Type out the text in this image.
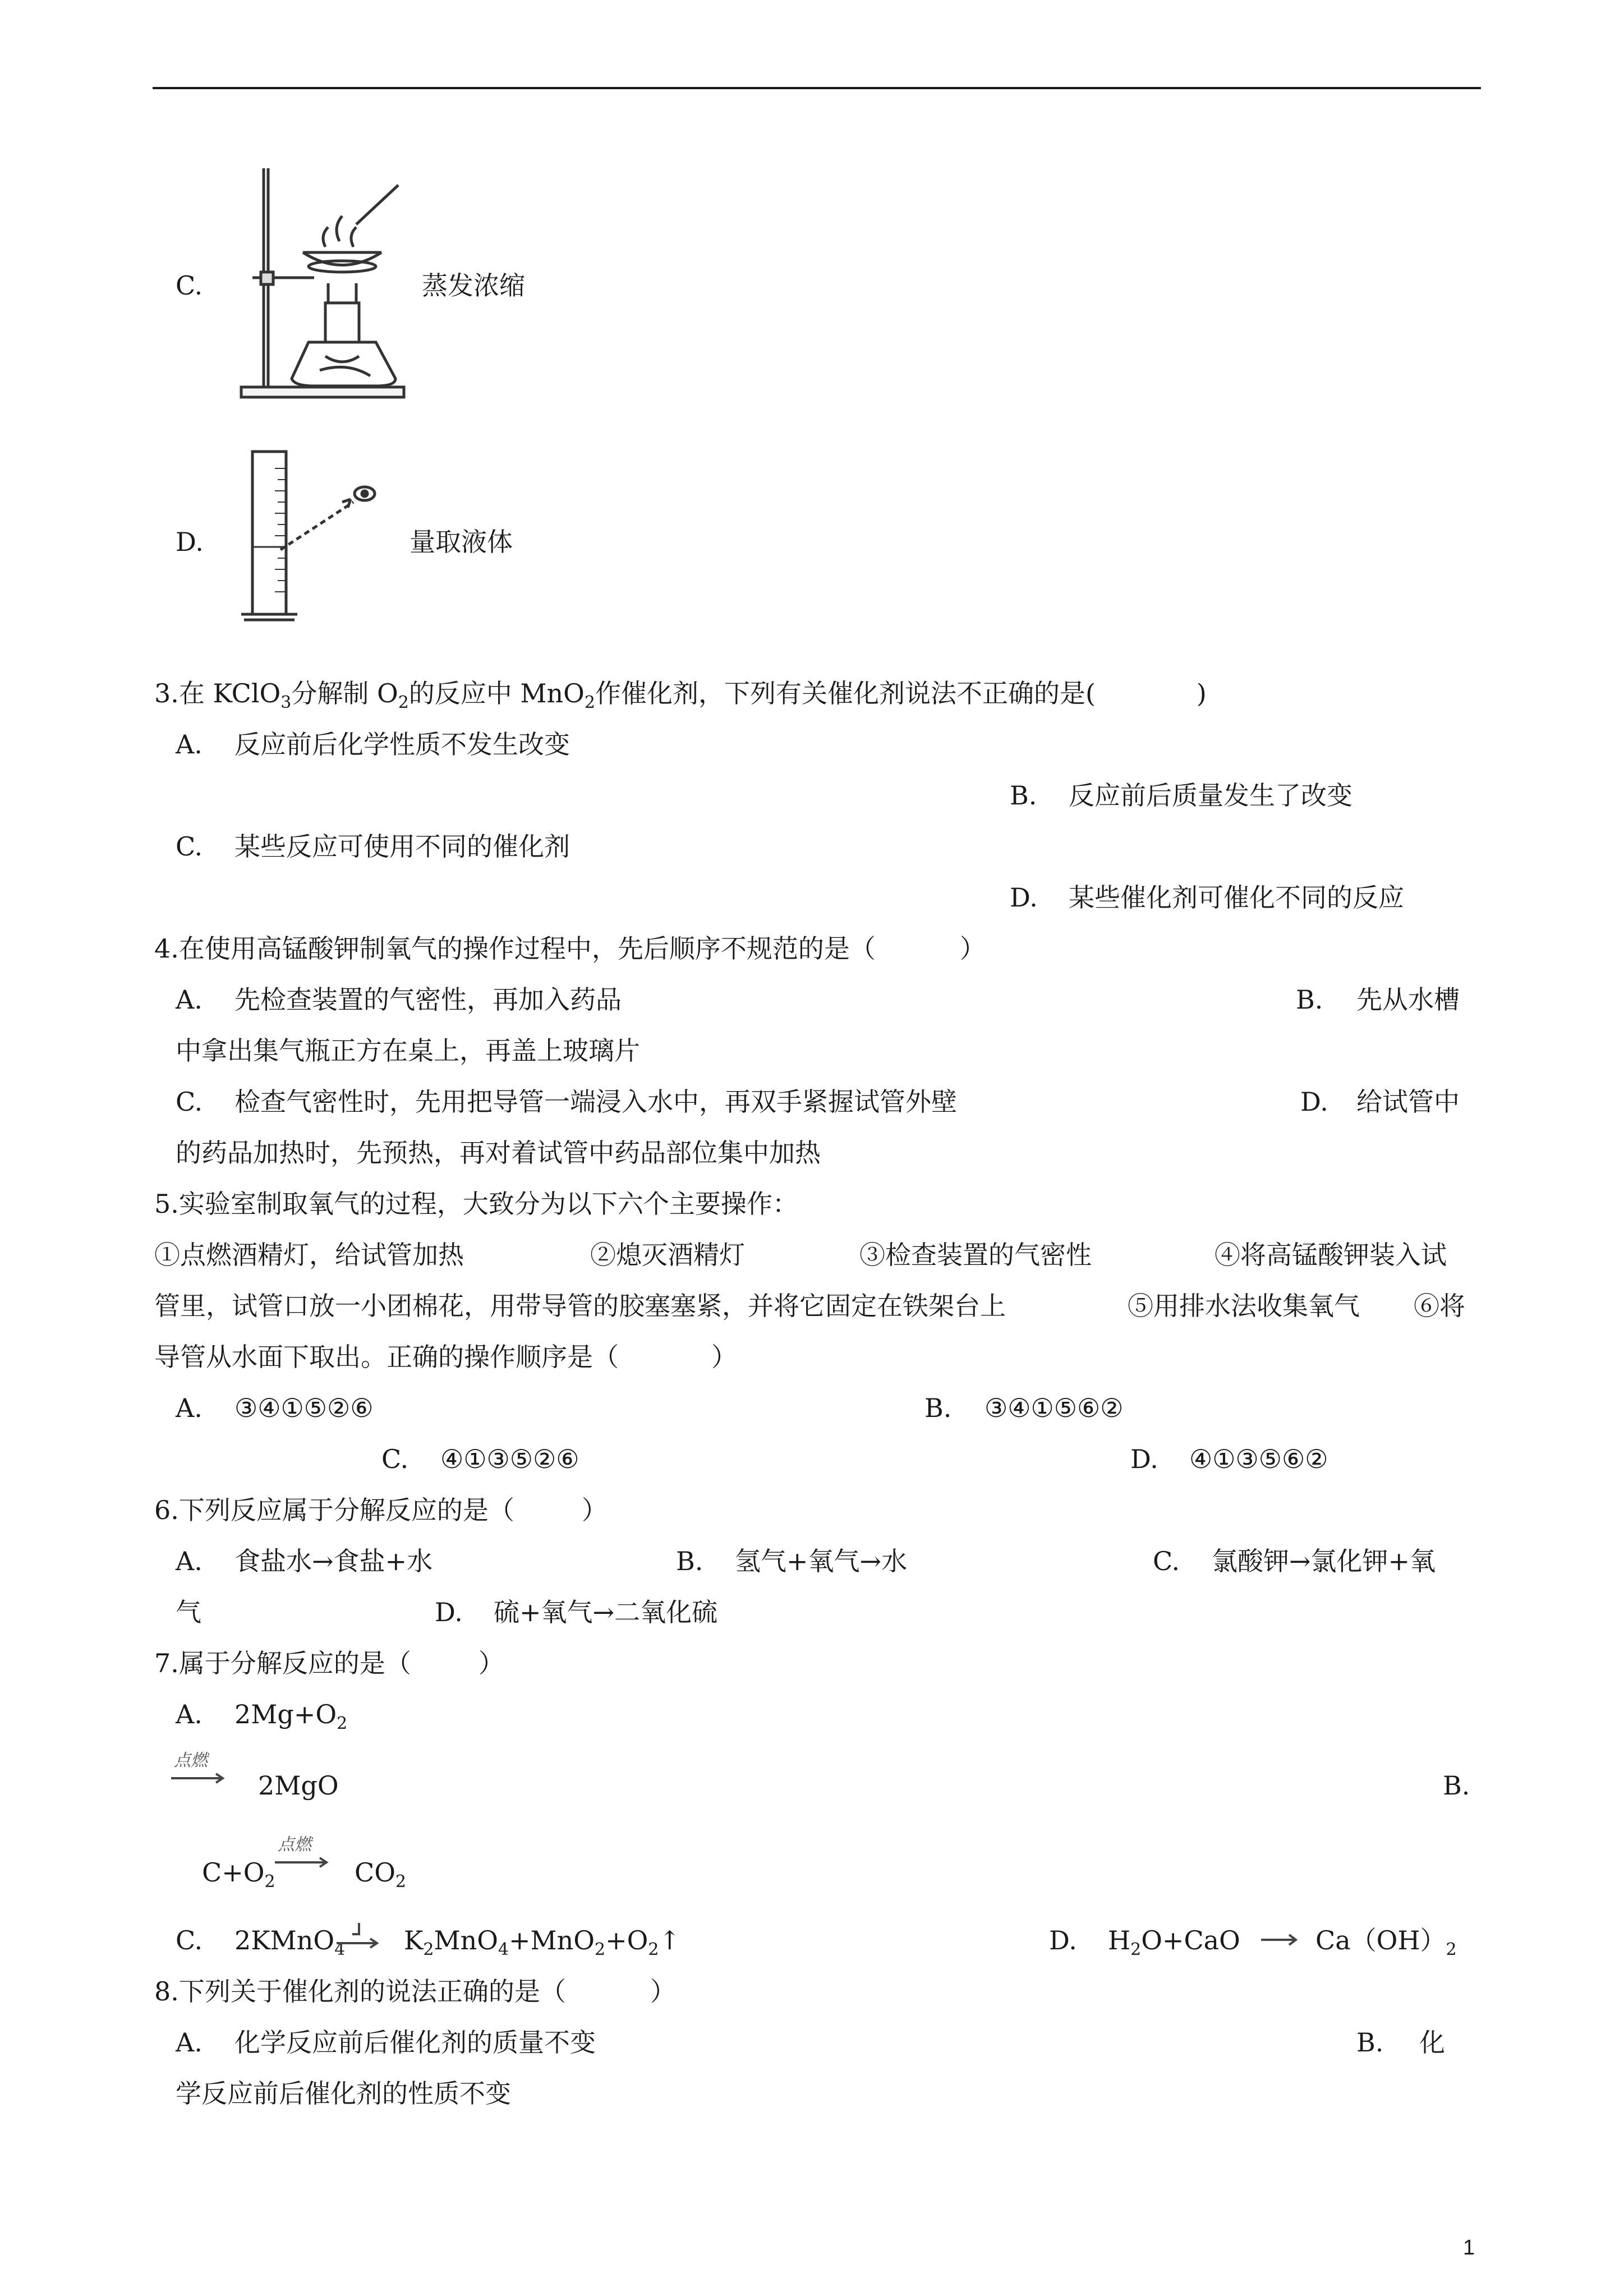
C.	蒸发浓缩
D.	量取液体
3.在 KClO$_3$分解制 $O_2$的反应中 MnO$_2$作催化剂，下列有关催化剂说法不正确的是(	)
A. 反应前后化学性质不发生改变
B. 反应前后质量发生了改变
C. 某些反应可使用不同的催化剂
D. 某些催化剂可催化不同的反应
4.在使用高锰酸钾制氧气的操作过程中，先后顺序不规范的是（	）
A. 先检查装置的气密性，再加入药品	B. 先从水槽
中拿出集气瓶正方在桌上，再盖上玻璃片
C. 检查气密性时，先用把导管一端浸入水中，再双手紧握试管外壁	D. 给试管中
的药品加热时，先预热，再对着试管中药品部位集中加热
5.实验室制取氧气的过程，大致分为以下六个主要操作：
①点燃酒精灯，给试管加热	②熄灭酒精灯	③检查装置的气密性	④将高锰酸钾装入试
管里，试管口放一小团棉花，用带导管的胶塞塞紧，并将它固定在铁架台上	⑤用排水法收集氧气 ⑥将
导管从水面下取出。正确的操作顺序是（	）
A. ③④①⑤②⑥	B. ③④①⑤⑥②
C. ④①③⑤②⑥	D. ④①③⑤⑥②
6.下列反应属于分解反应的是（	）
A. 食盐水→食盐+水	B. 氢气+氧气→水	C. 氯酸钾→氯化钾+氧
气	D. 硫+氧气→二氧化硫
7.属于分解反应的是（	）
A. $2Mg+O_2$
点燃
2MgO	B.
$C+O_2$
点燃
$CO_2$
C. 2KMnO$_4$ $K_2MnO_4+MnO_2+O_2↑$	D. $H_2O+CaO \to Ca(OH)_2$
8.下列关于催化剂的说法正确的是（	）
A. 化学反应前后催化剂的质量不变	B. 化
学反应前后催化剂的性质不变
1
